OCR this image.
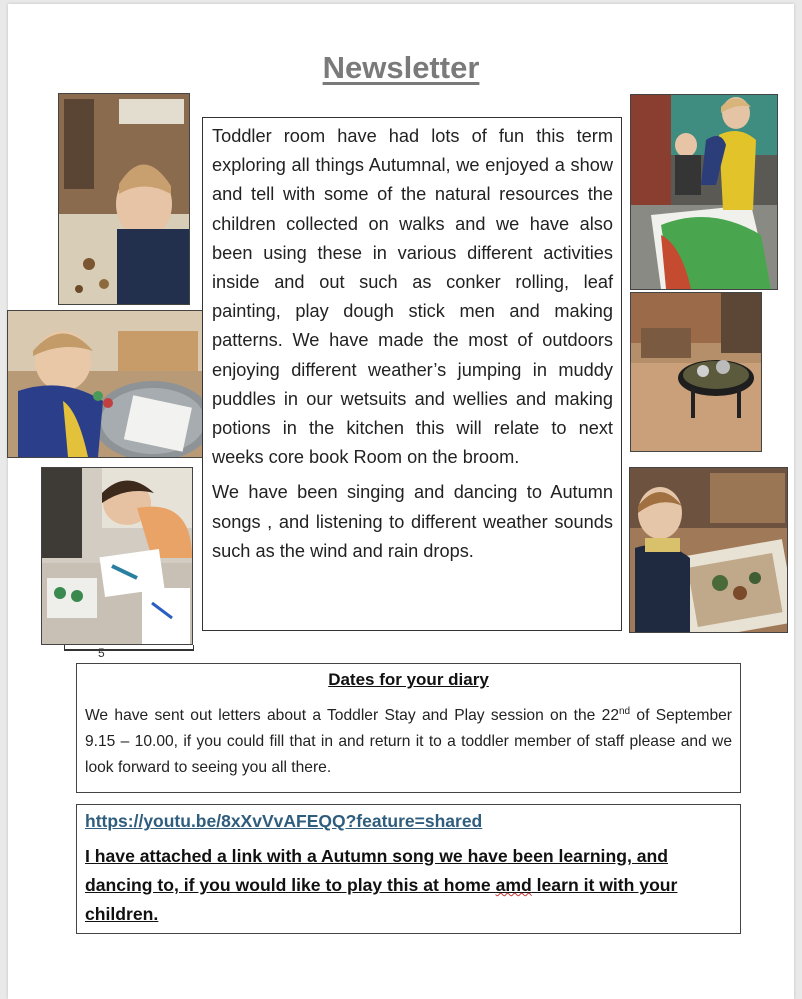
Newsletter

Toddler room have had lots of fun this term exploring all things Autumnal, we enjoyed a show and tell with some of the natural resources the children collected on walks and we have also been using these in various different activities inside and out such as conker rolling, leaf painting, play dough stick men and making patterns. We have made the most of outdoors enjoying different weather’s jumping in muddy puddles in our wetsuits and wellies and making potions in the kitchen this will relate to next weeks core book Room on the broom.

We have been singing and dancing to Autumn songs , and listening to different weather sounds such as the wind and rain drops.

5
Dates for your diary
We have sent out letters about a Toddler Stay and Play session on the 22nd of September 9.15 – 10.00, if you could fill that in and return it to a toddler member of staff please and we look forward to seeing you all there.
https://youtu.be/8xXvVvAFEQQ?feature=shared
I have attached a link with a Autumn song we have been learning, and dancing to, if you would like to play this at home amd learn it with your children.
